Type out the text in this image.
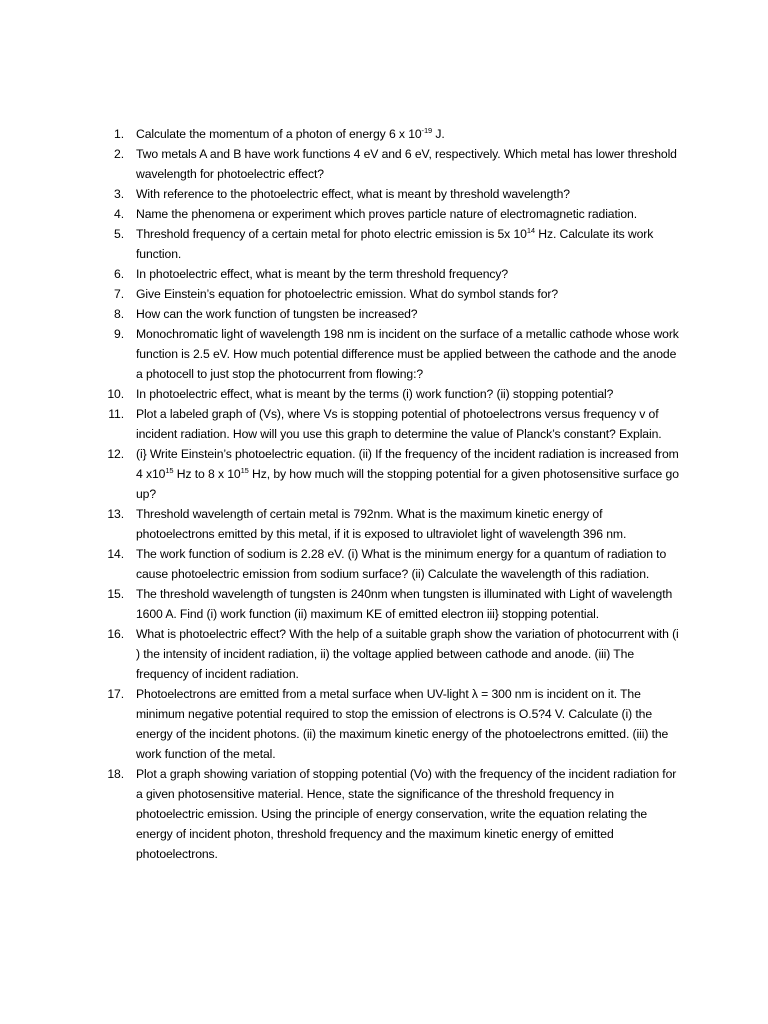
1. Calculate the momentum of a photon of energy 6 x $10^{-19}$ J.
2. Two metals A and B have work functions 4 eV and 6 eV, respectively. Which metal has lower threshold wavelength for photoelectric effect?
3. With reference to the photoelectric effect, what is meant by threshold wavelength?
4. Name the phenomena or experiment which proves particle nature of electromagnetic radiation.
5. Threshold frequency of a certain metal for photo electric emission is 5x $10^{14}$ Hz. Calculate its work function.
6. In photoelectric effect, what is meant by the term threshold frequency?
7. Give Einstein’s equation for photoelectric emission. What do symbol stands for?
8. How can the work function of tungsten be increased?
9. Monochromatic light of wavelength 198 nm is incident on the surface of a metallic cathode whose work function is 2.5 eV. How much potential difference must be applied between the cathode and the anode a photocell to just stop the photocurrent from flowing:?
10. In photoelectric effect, what is meant by the terms (i) work function? (ii) stopping potential?
11. Plot a labeled graph of (Vs), where Vs is stopping potential of photoelectrons versus frequency v of incident radiation. How will you use this graph to determine the value of Planck’s constant? Explain.
12. (i} Write Einstein’s photoelectric equation. (ii) If the frequency of the incident radiation is increased from 4 $x10^{15}$ Hz to 8 x $10^{15}$ Hz, by how much will the stopping potential for a given photosensitive surface go up?
13. Threshold wavelength of certain metal is 792nm. What is the maximum kinetic energy of photoelectrons emitted by this metal, if it is exposed to ultraviolet light of wavelength 396 nm.
14. The work function of sodium is 2.28 eV. (i) What is the minimum energy for a quantum of radiation to cause photoelectric emission from sodium surface? (ii) Calculate the wavelength of this radiation.
15. The threshold wavelength of tungsten is 240nm when tungsten is illuminated with Light of wavelength 1600 A. Find (i) work function (ii) maximum KE of emitted electron iii} stopping potential.
16. What is photoelectric effect? With the help of a suitable graph show the variation of photocurrent with (i ) the intensity of incident radiation, ii) the voltage applied between cathode and anode. (iii) The frequency of incident radiation.
17. Photoelectrons are emitted from a metal surface when UV-light λ = 300 nm is incident on it. The minimum negative potential required to stop the emission of electrons is O.5?4 V. Calculate (i) the energy of the incident photons. (ii) the maximum kinetic energy of the photoelectrons emitted. (iii) the work function of the metal.
18. Plot a graph showing variation of stopping potential (Vo) with the frequency of the incident radiation for a given photosensitive material. Hence, state the significance of the threshold frequency in photoelectric emission. Using the principle of energy conservation, write the equation relating the energy of incident photon, threshold frequency and the maximum kinetic energy of emitted photoelectrons.
